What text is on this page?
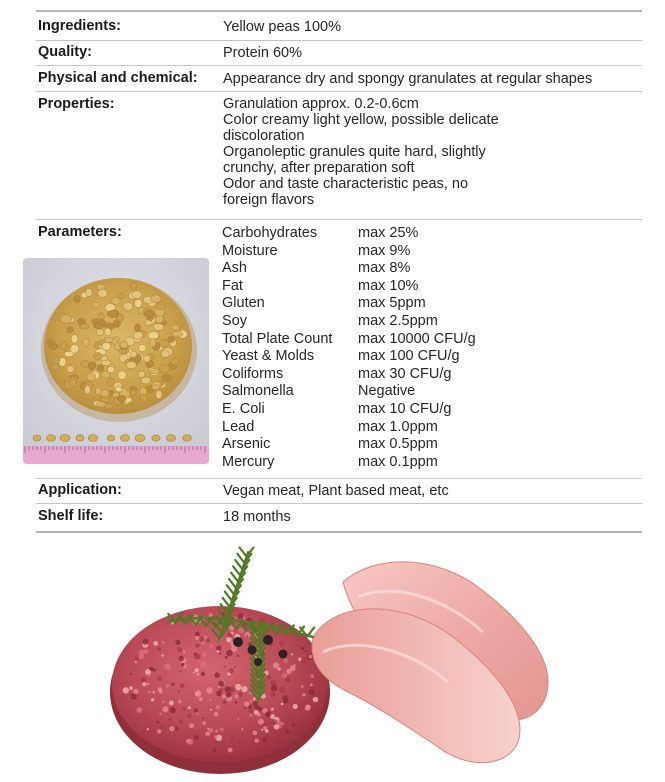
Ingredients:	Yellow peas 100%
Quality:	Protein 60%
Physical and chemical: Appearance dry and spongy granulates at regular shapes
Properties:	Granulation approx. 0.2-0.6cm
Color creamy light yellow, possible delicate
discoloration
Organoleptic granules quite hard, slightly
crunchy, after preparation soft
Odor and taste characteristic peas, no
foreign flavors
Parameters:	Carbohydrates	max 25%
Moisture	max 9%
Ash	max 8%
Fat	max 10%
Gluten	max 5ppm
Soy	max 2.5ppm
Total Plate Count max 10000 CFU/g
Yeast & Molds	max 100 CFU/g
Coliforms	max 30 CFU/g
Salmonella	Negative
E. Coli	max 10 CFU/g
Lead	max 1.0ppm
Arsenic	max 0.5ppm
Mercury	max 0.1ppm
Application:	Vegan meat, Plant based meat, etc
Shelf life:	18 months
